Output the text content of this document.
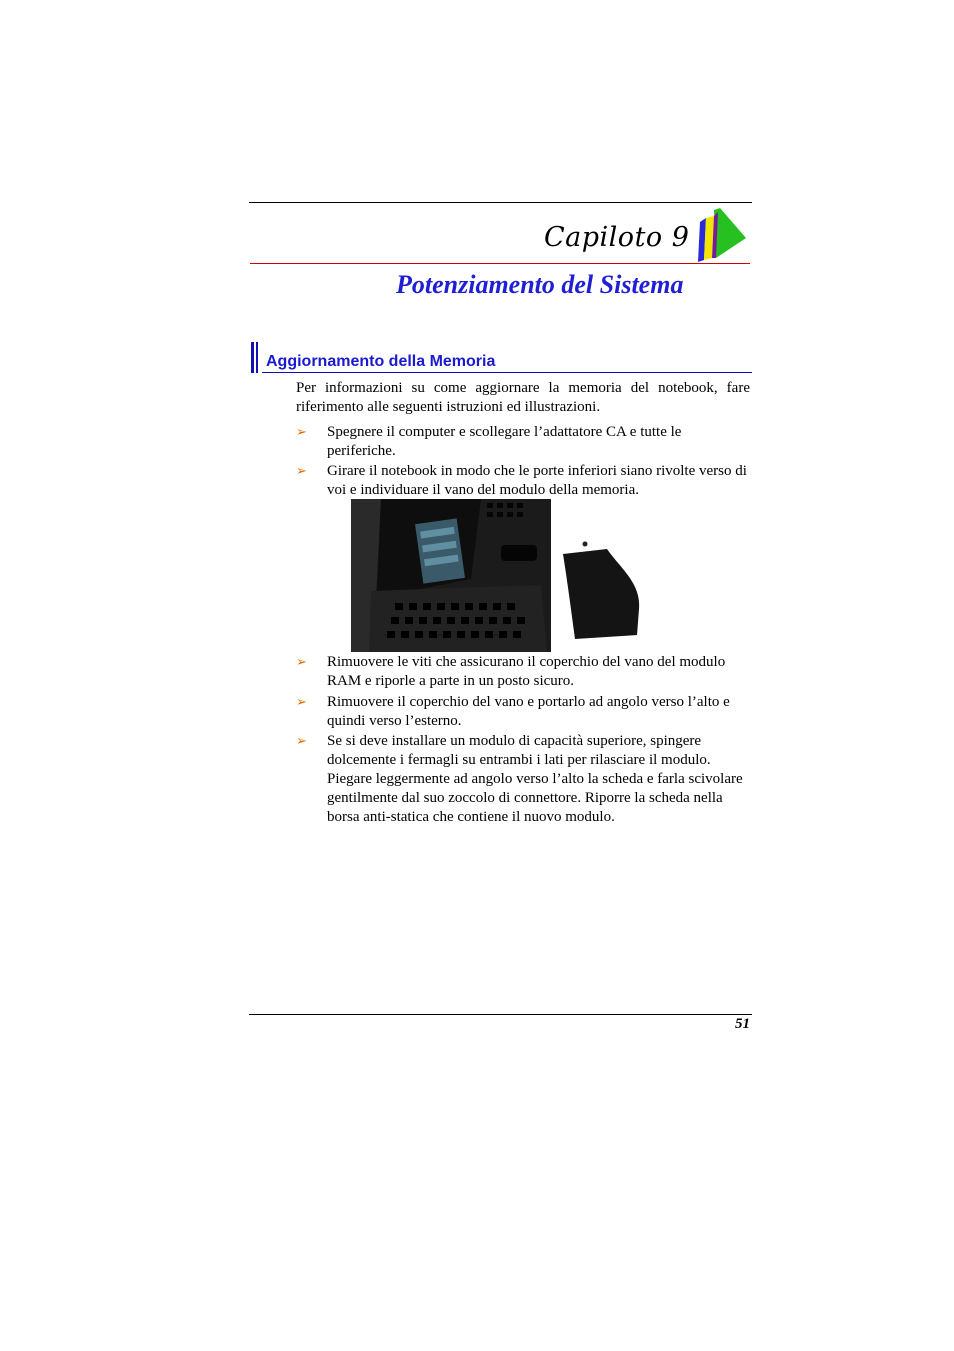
Capiloto 9
Potenziamento del Sistema
Aggiornamento della Memoria
Per informazioni su come aggiornare la memoria del notebook, fare riferimento alle seguenti istruzioni ed illustrazioni.
➢ Spegnere il computer e scollegare l’adattatore CA e tutte le periferiche.
➢ Girare il notebook in modo che le porte inferiori siano rivolte verso di voi e individuare il vano del modulo della memoria.
➢ Rimuovere le viti che assicurano il coperchio del vano del modulo RAM e riporle a parte in un posto sicuro.
➢ Rimuovere il coperchio del vano e portarlo ad angolo verso l’alto e quindi verso l’esterno.
➢ Se si deve installare un modulo di capacità superiore, spingere dolcemente i fermagli su entrambi i lati per rilasciare il modulo. Piegare leggermente ad angolo verso l’alto la scheda e farla scivolare gentilmente dal suo zoccolo di connettore. Riporre la scheda nella borsa anti-statica che contiene il nuovo modulo.
51
